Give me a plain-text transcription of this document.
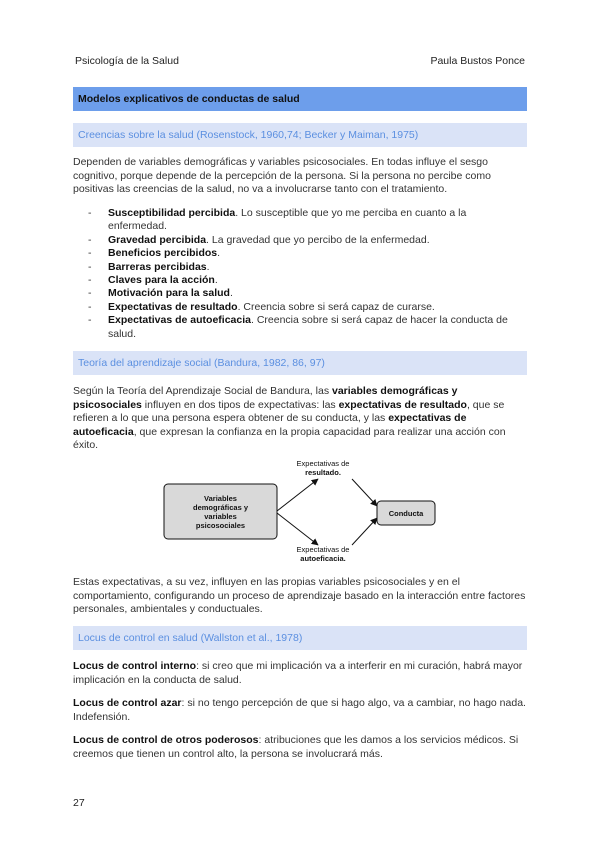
Psicología de la Salud	Paula Bustos Ponce
Modelos explicativos de conductas de salud
Creencias sobre la salud (Rosenstock, 1960,74; Becker y Maiman, 1975)

Dependen de variables demográficas y variables psicosociales. En todas influye el sesgo cognitivo, porque depende de la percepción de la persona. Si la persona no percibe como positivas las creencias de la salud, no va a involucrarse tanto con el tratamiento.

- Susceptibilidad percibida. Lo susceptible que yo me perciba en cuanto a la enfermedad.
- Gravedad percibida. La gravedad que yo percibo de la enfermedad.
- Beneficios percibidos.
- Barreras percibidas.
- Claves para la acción.
- Motivación para la salud.
- Expectativas de resultado. Creencia sobre si será capaz de curarse.
- Expectativas de autoeficacia. Creencia sobre si será capaz de hacer la conducta de salud.
Teoría del aprendizaje social (Bandura, 1982, 86, 97)

Según la Teoría del Aprendizaje Social de Bandura, las variables demográficas y psicosociales influyen en dos tipos de expectativas: las expectativas de resultado, que se refieren a lo que una persona espera obtener de su conducta, y las expectativas de autoeficacia, que expresan la confianza en la propia capacidad para realizar una acción con éxito.

Variables
demográficas y
variables
psicosociales
Expectativas de
resultado.
Expectativas de
autoeficacia.
Conducta

Estas expectativas, a su vez, influyen en las propias variables psicosociales y en el comportamiento, configurando un proceso de aprendizaje basado en la interacción entre factores personales, ambientales y conductuales.

Locus de control en salud (Wallston et al., 1978)

Locus de control interno: si creo que mi implicación va a interferir en mi curación, habrá mayor implicación en la conducta de salud.

Locus de control azar: si no tengo percepción de que si hago algo, va a cambiar, no hago nada. Indefensión.

Locus de control de otros poderosos: atribuciones que les damos a los servicios médicos. Si creemos que tienen un control alto, la persona se involucrará más.

27
